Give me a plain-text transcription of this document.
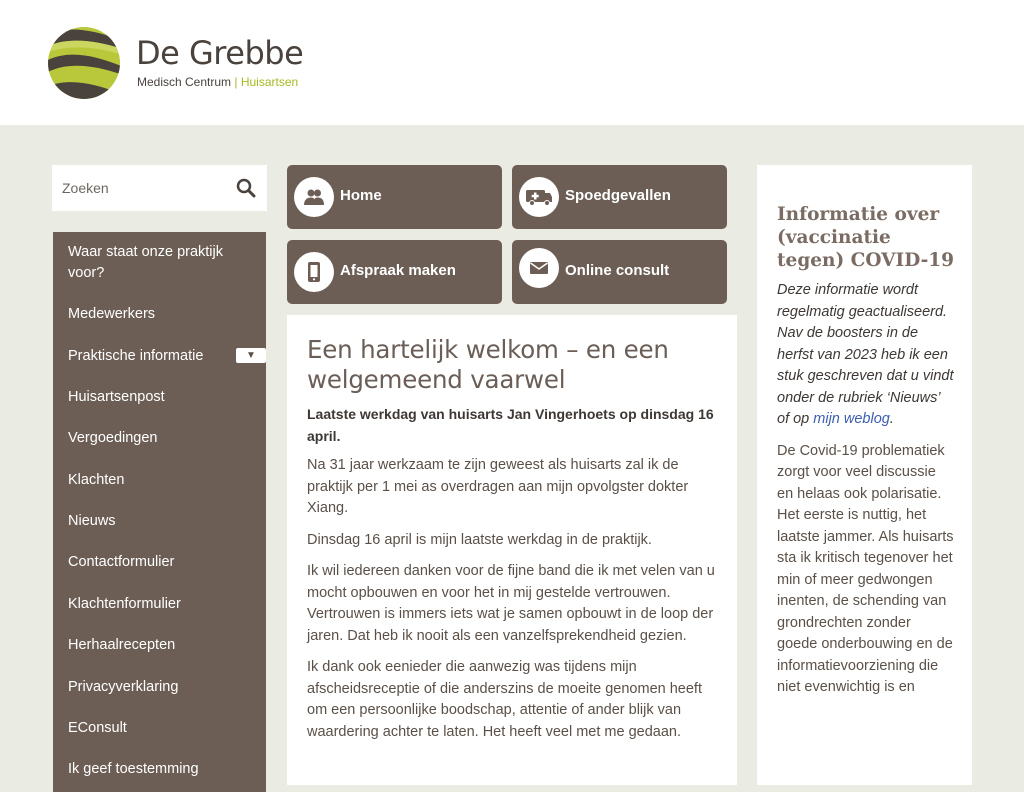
De Grebbe
Medisch Centrum | Huisartsen
Zoeken
Waar staat onze praktijk voor?
Medewerkers
Praktische informatie	▼
Huisartsenpost
Vergoedingen
Klachten
Nieuws
Contactformulier
Klachtenformulier
Herhaalrecepten
Privacyverklaring
EConsult
Ik geef toestemming
Home	Spoedgevallen
Afspraak maken	Online consult
Een hartelijk welkom – en een welgemeend vaarwel
Laatste werkdag van huisarts Jan Vingerhoets op dinsdag 16 april.

Na 31 jaar werkzaam te zijn geweest als huisarts zal ik de praktijk per 1 mei as overdragen aan mijn opvolgster dokter Xiang.

Dinsdag 16 april is mijn laatste werkdag in de praktijk.

Ik wil iedereen danken voor de fijne band die ik met velen van u mocht opbouwen en voor het in mij gestelde vertrouwen. Vertrouwen is immers iets wat je samen opbouwt in de loop der jaren. Dat heb ik nooit als een vanzelfsprekendheid gezien.

Ik dank ook eenieder die aanwezig was tijdens mijn afscheidsreceptie of die anderszins de moeite genomen heeft om een persoonlijke boodschap, attentie of ander blijk van waardering achter te laten. Het heeft veel met me gedaan.

Informatie over (vaccinatie tegen) COVID-19
Deze informatie wordt regelmatig geactualiseerd. Nav de boosters in de herfst van 2023 heb ik een stuk geschreven dat u vindt onder de rubriek ‘Nieuws’ of op mijn weblog.

De Covid-19 problematiek zorgt voor veel discussie en helaas ook polarisatie. Het eerste is nuttig, het laatste jammer. Als huisarts sta ik kritisch tegenover het min of meer gedwongen inenten, de schending van grondrechten zonder goede onderbouwing en de informatievoorziening die niet evenwichtig is en
